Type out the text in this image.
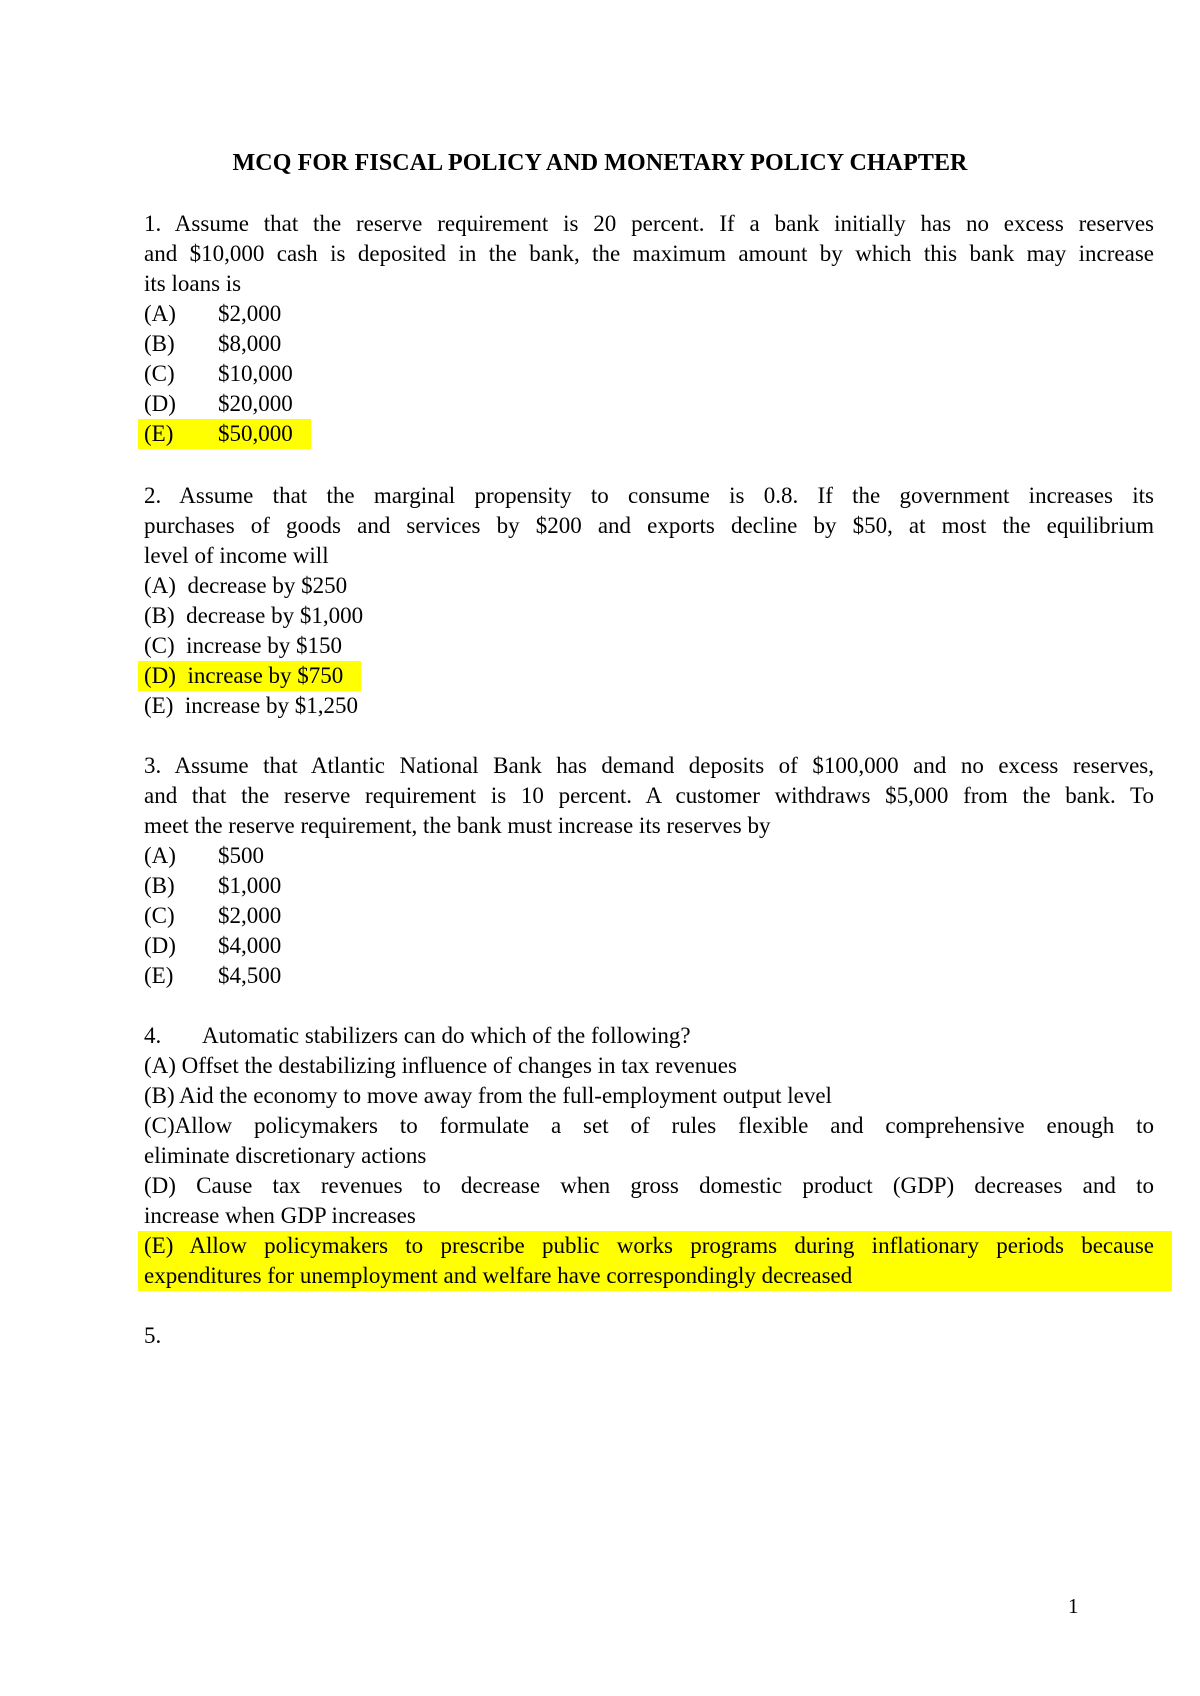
MCQ FOR FISCAL POLICY AND MONETARY POLICY CHAPTER
1. Assume that the reserve requirement is 20 percent. If a bank initially has no excess reserves
and $10,000 cash is deposited in the bank, the maximum amount by which this bank may increase
its loans is
(A) $2,000
(B) $8,000
(C) $10,000
(D) $20,000
(E) $50,000
2. Assume that the marginal propensity to consume is 0.8. If the government increases its
purchases of goods and services by $200 and exports decline by $50, at most the equilibrium
level of income will
(A) decrease by $250
(B) decrease by $1,000
(C) increase by $150
(D) increase by $750
(E) increase by $1,250
3. Assume that Atlantic National Bank has demand deposits of $100,000 and no excess reserves,
and that the reserve requirement is 10 percent. A customer withdraws $5,000 from the bank. To
meet the reserve requirement, the bank must increase its reserves by
(A) $500
(B) $1,000
(C) $2,000
(D) $4,000
(E) $4,500
4. Automatic stabilizers can do which of the following?
(A) Offset the destabilizing influence of changes in tax revenues
(B) Aid the economy to move away from the full-employment output level
(C)Allow policymakers to formulate a set of rules flexible and comprehensive enough to
eliminate discretionary actions
(D) Cause tax revenues to decrease when gross domestic product (GDP) decreases and to
increase when GDP increases
(E) Allow policymakers to prescribe public works programs during inflationary periods because
expenditures for unemployment and welfare have correspondingly decreased
5.
1
